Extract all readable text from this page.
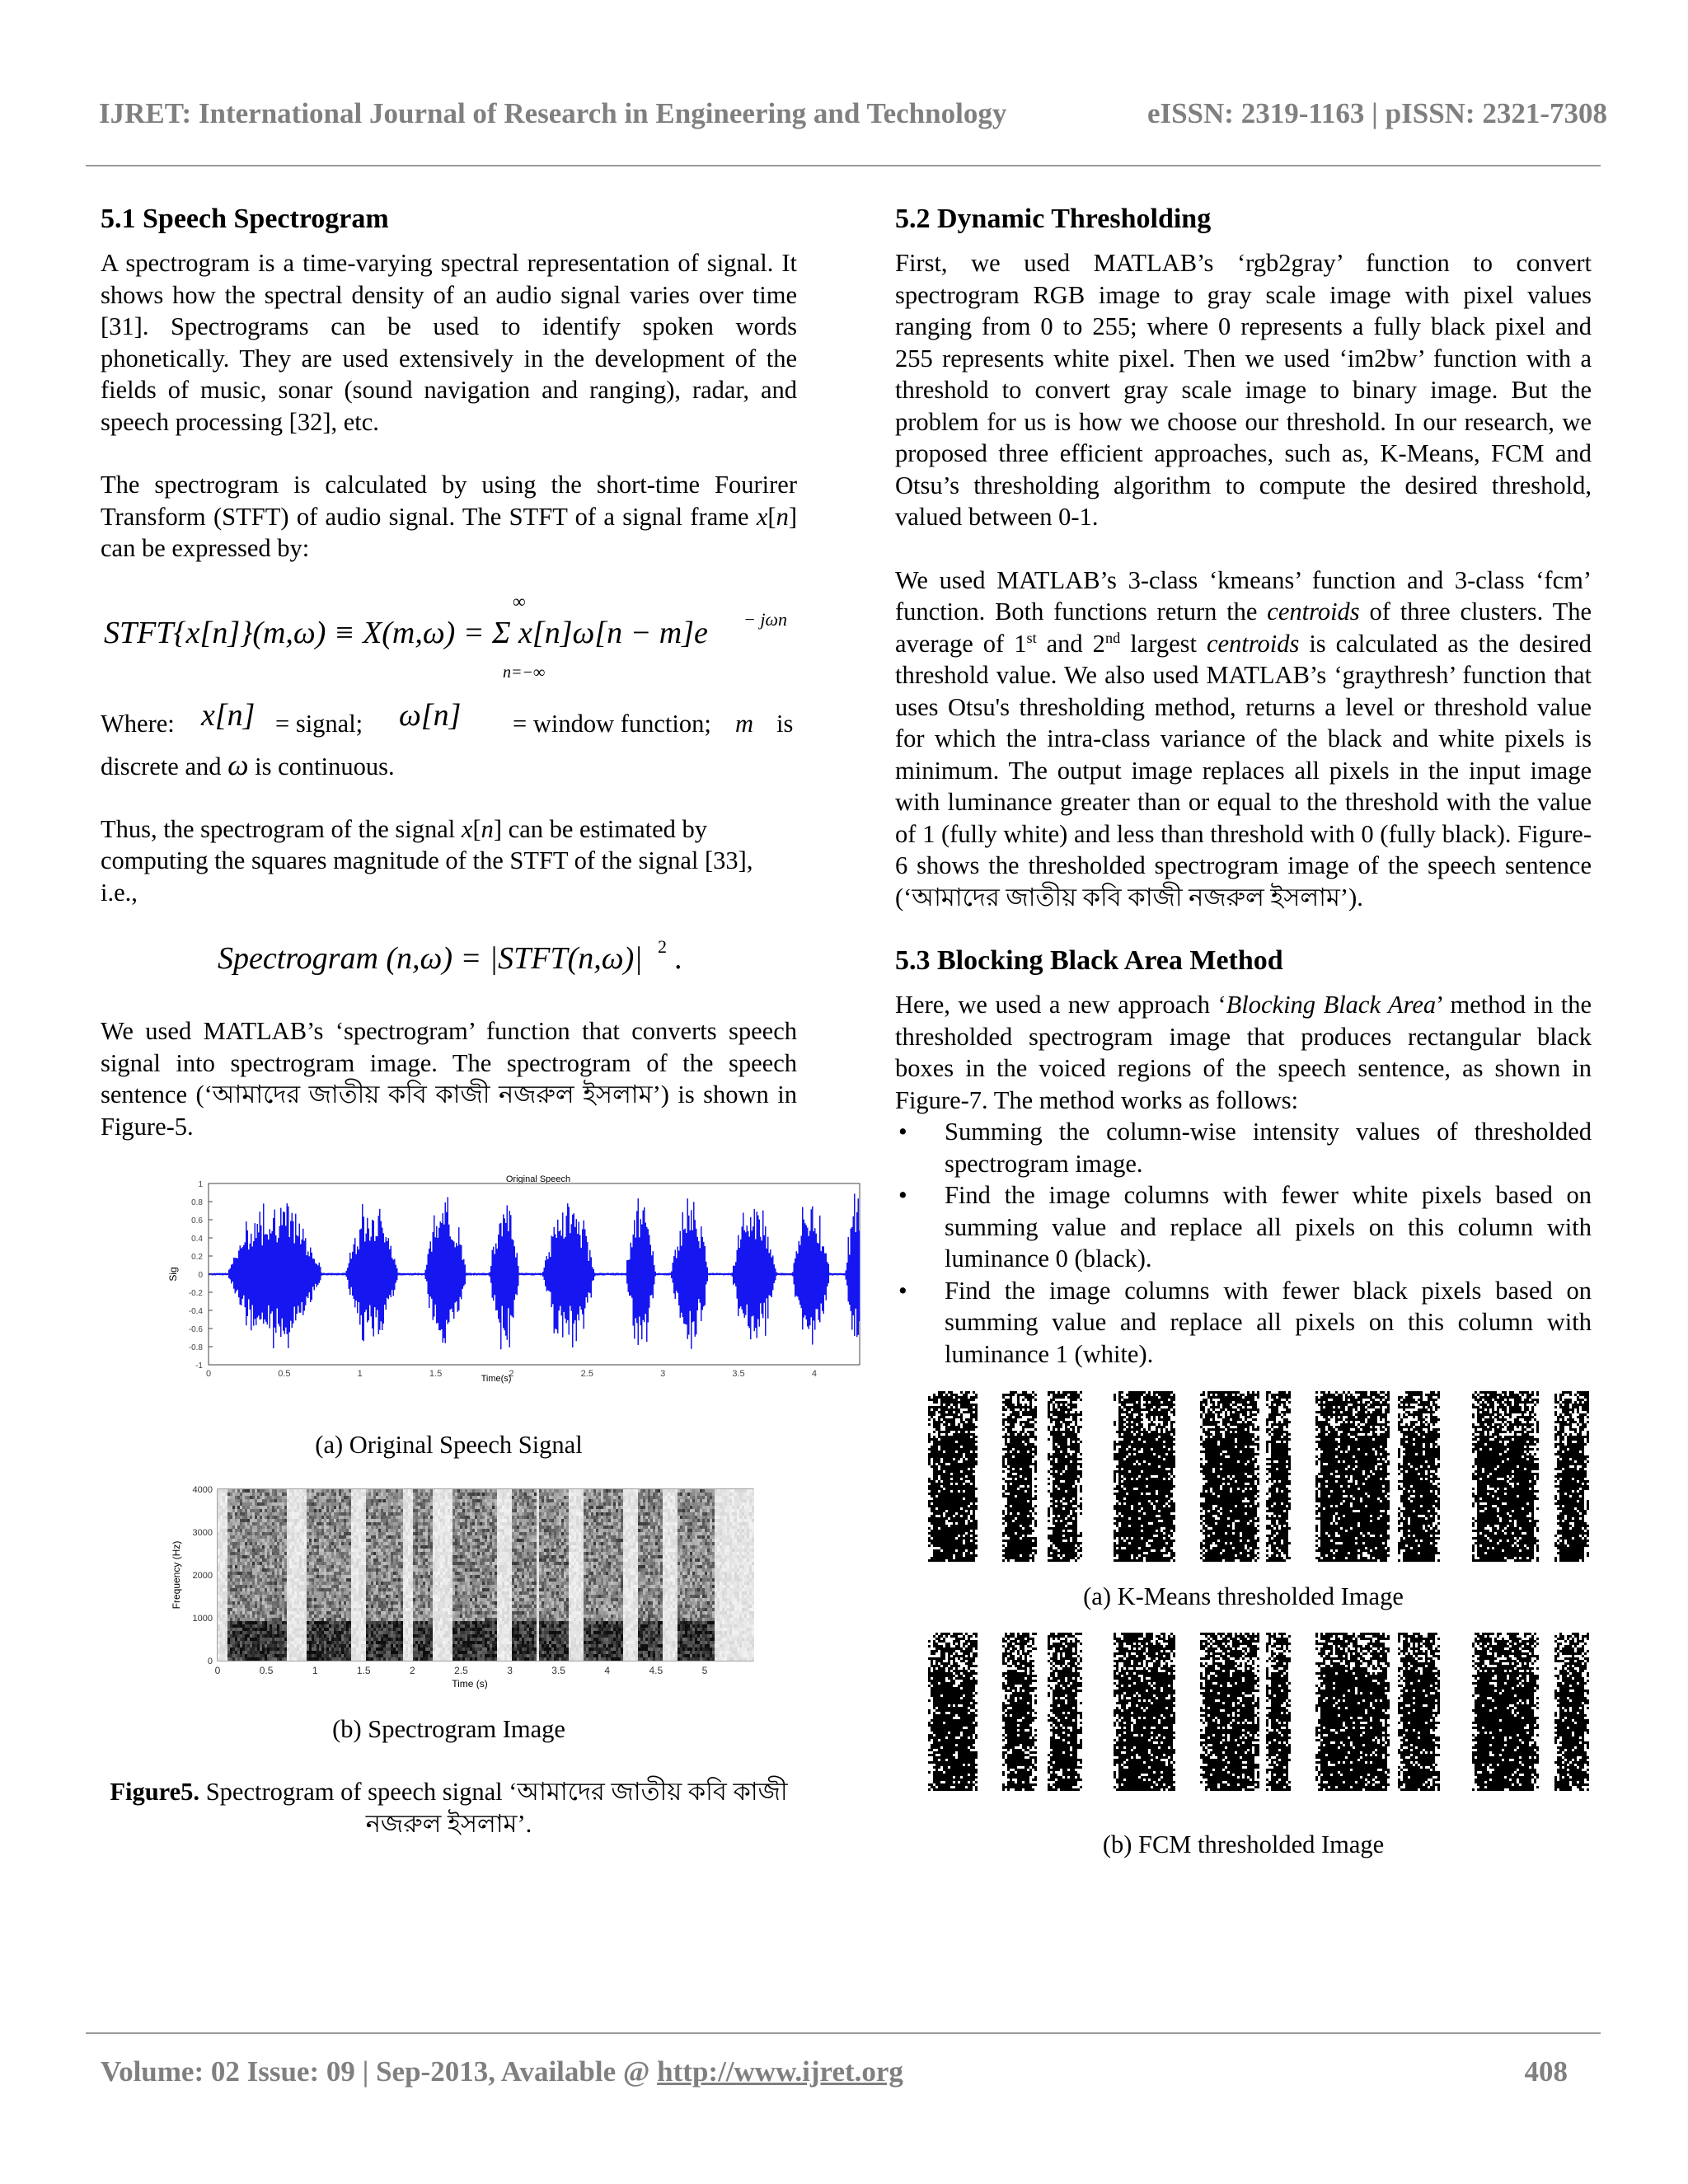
IJRET: International Journal of Research in Engineering and Technology	eISSN: 2319-1163 | pISSN: 2321-7308
5.1 Speech Spectrogram

A spectrogram is a time-varying spectral representation of signal. It shows how the spectral density of an audio signal varies over time [31]. Spectrograms can be used to identify spoken words phonetically. They are used extensively in the development of the fields of music, sonar (sound navigation and ranging), radar, and speech processing [32], etc.

The spectrogram is calculated by using the short-time Fourirer Transform (STFT) of audio signal. The STFT of a signal frame x[n] can be expressed by:

STFT{x[n]}(m,ω) ≡ X(m,ω) = Σ x[n]ω[n − m]e
∞
n=−∞
− jωn
Where: x[n] = signal; ω[n] = window function; m is
discrete and ω is continuous.

Thus, the spectrogram of the signal x[n] can be estimated by computing the squares magnitude of the STFT of the signal [33], i.e.,

Spectrogram (n,ω) = |STFT(n,ω)| 2 .

We used MATLAB’s ‘spectrogram’ function that converts speech signal into spectrogram image. The spectrogram of the speech sentence (‘আমাদের জাতীয় কবি কাজী নজরুল ইসলাম’) is shown in Figure-5.

Original Speech
1
0.8
0.6
0.4
0.2
0
-0.2
-0.4
-0.6
-0.8
-1
0	0.5	1	1.5	2	2.5	3	3.5	4
Sig
Time(s)

(a) Original Speech Signal

4000
3000
2000
1000
0
0	0.5	1	1.5	2	2.5	3	3.5	4	4.5	5
Frequency (Hz)
Time (s)

(b) Spectrogram Image

Figure5. Spectrogram of speech signal ‘আমাদের জাতীয় কবি কাজী নজরুল ইসলাম’.

5.2 Dynamic Thresholding

First, we used MATLAB’s ‘rgb2gray’ function to convert spectrogram RGB image to gray scale image with pixel values ranging from 0 to 255; where 0 represents a fully black pixel and 255 represents white pixel. Then we used ‘im2bw’ function with a threshold to convert gray scale image to binary image. But the problem for us is how we choose our threshold. In our research, we proposed three efficient approaches, such as, K-Means, FCM and Otsu’s thresholding algorithm to compute the desired threshold, valued between 0-1.

We used MATLAB’s 3-class ‘kmeans’ function and 3-class ‘fcm’ function. Both functions return the centroids of three clusters. The average of 1st and 2nd largest centroids is calculated as the desired threshold value. We also used MATLAB’s ‘graythresh’ function that uses Otsu's thresholding method, returns a level or threshold value for which the intra-class variance of the black and white pixels is minimum. The output image replaces all pixels in the input image with luminance greater than or equal to the threshold with the value of 1 (fully white) and less than threshold with 0 (fully black). Figure-6 shows the thresholded spectrogram image of the speech sentence (‘আমাদের জাতীয় কবি কাজী নজরুল ইসলাম’).

5.3 Blocking Black Area Method

Here, we used a new approach ‘Blocking Black Area’ method in the thresholded spectrogram image that produces rectangular black boxes in the voiced regions of the speech sentence, as shown in Figure-7. The method works as follows:

Summing the column-wise intensity values of thresholded spectrogram image.
Find the image columns with fewer white pixels based on summing value and replace all pixels on this column with luminance 0 (black).
Find the image columns with fewer black pixels based on summing value and replace all pixels on this column with luminance 1 (white).

(a) K-Means thresholded Image

(b) FCM thresholded Image

Volume: 02 Issue: 09 | Sep-2013, Available @ http://www.ijret.org	408
